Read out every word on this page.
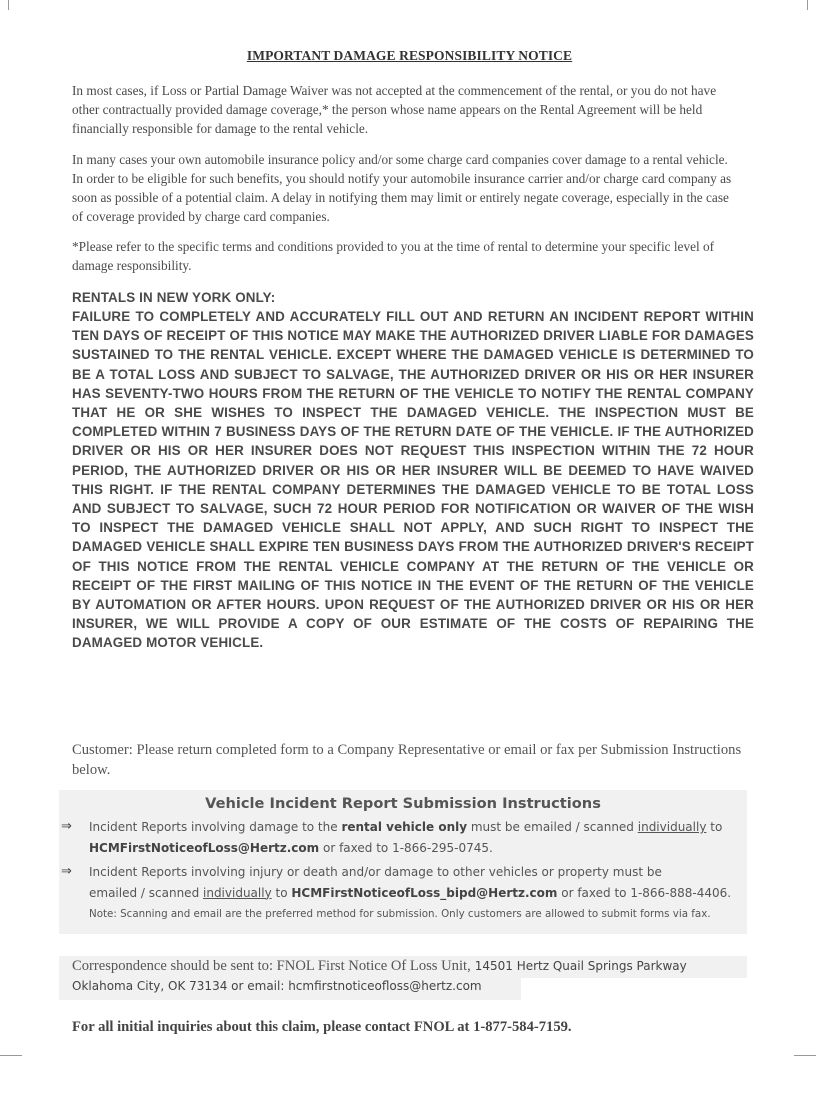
IMPORTANT DAMAGE RESPONSIBILITY NOTICE

In most cases, if Loss or Partial Damage Waiver was not accepted at the commencement of the rental, or you do not have other contractually provided damage coverage,* the person whose name appears on the Rental Agreement will be held financially responsible for damage to the rental vehicle.

In many cases your own automobile insurance policy and/or some charge card companies cover damage to a rental vehicle. In order to be eligible for such benefits, you should notify your automobile insurance carrier and/or charge card company as soon as possible of a potential claim. A delay in notifying them may limit or entirely negate coverage, especially in the case of coverage provided by charge card companies.

*Please refer to the specific terms and conditions provided to you at the time of rental to determine your specific level of damage responsibility.

RENTALS IN NEW YORK ONLY:

FAILURE TO COMPLETELY AND ACCURATELY FILL OUT AND RETURN AN INCIDENT REPORT WITHIN TEN DAYS OF RECEIPT OF THIS NOTICE MAY MAKE THE AUTHORIZED DRIVER LIABLE FOR DAMAGES SUSTAINED TO THE RENTAL VEHICLE. EXCEPT WHERE THE DAMAGED VEHICLE IS DETERMINED TO BE A TOTAL LOSS AND SUBJECT TO SALVAGE, THE AUTHORIZED DRIVER OR HIS OR HER INSURER HAS SEVENTY-TWO HOURS FROM THE RETURN OF THE VEHICLE TO NOTIFY THE RENTAL COMPANY THAT HE OR SHE WISHES TO INSPECT THE DAMAGED VEHICLE. THE INSPECTION MUST BE COMPLETED WITHIN 7 BUSINESS DAYS OF THE RETURN DATE OF THE VEHICLE. IF THE AUTHORIZED DRIVER OR HIS OR HER INSURER DOES NOT REQUEST THIS INSPECTION WITHIN THE 72 HOUR PERIOD, THE AUTHORIZED DRIVER OR HIS OR HER INSURER WILL BE DEEMED TO HAVE WAIVED THIS RIGHT. IF THE RENTAL COMPANY DETERMINES THE DAMAGED VEHICLE TO BE TOTAL LOSS AND SUBJECT TO SALVAGE, SUCH 72 HOUR PERIOD FOR NOTIFICATION OR WAIVER OF THE WISH TO INSPECT THE DAMAGED VEHICLE SHALL NOT APPLY, AND SUCH RIGHT TO INSPECT THE DAMAGED VEHICLE SHALL EXPIRE TEN BUSINESS DAYS FROM THE AUTHORIZED DRIVER'S RECEIPT OF THIS NOTICE FROM THE RENTAL VEHICLE COMPANY AT THE RETURN OF THE VEHICLE OR RECEIPT OF THE FIRST MAILING OF THIS NOTICE IN THE EVENT OF THE RETURN OF THE VEHICLE BY AUTOMATION OR AFTER HOURS. UPON REQUEST OF THE AUTHORIZED DRIVER OR HIS OR HER INSURER, WE WILL PROVIDE A COPY OF OUR ESTIMATE OF THE COSTS OF REPAIRING THE DAMAGED MOTOR VEHICLE.

Customer: Please return completed form to a Company Representative or email or fax per Submission Instructions below.

Vehicle Incident Report Submission Instructions
⇒	Incident Reports involving damage to the rental vehicle only must be emailed / scanned individually to
HCMFirstNoticeofLoss@Hertz.com or faxed to 1-866-295-0745.
⇒	Incident Reports involving injury or death and/or damage to other vehicles or property must be
emailed / scanned individually to HCMFirstNoticeofLoss_bipd@Hertz.com or faxed to 1-866-888-4406.
Note: Scanning and email are the preferred method for submission. Only customers are allowed to submit forms via fax.
Correspondence should be sent to: FNOL First Notice Of Loss Unit, 14501 Hertz Quail Springs Parkway
Oklahoma City, OK 73134 or email: hcmfirstnoticeofloss@hertz.com
For all initial inquiries about this claim, please contact FNOL at 1-877-584-7159.
